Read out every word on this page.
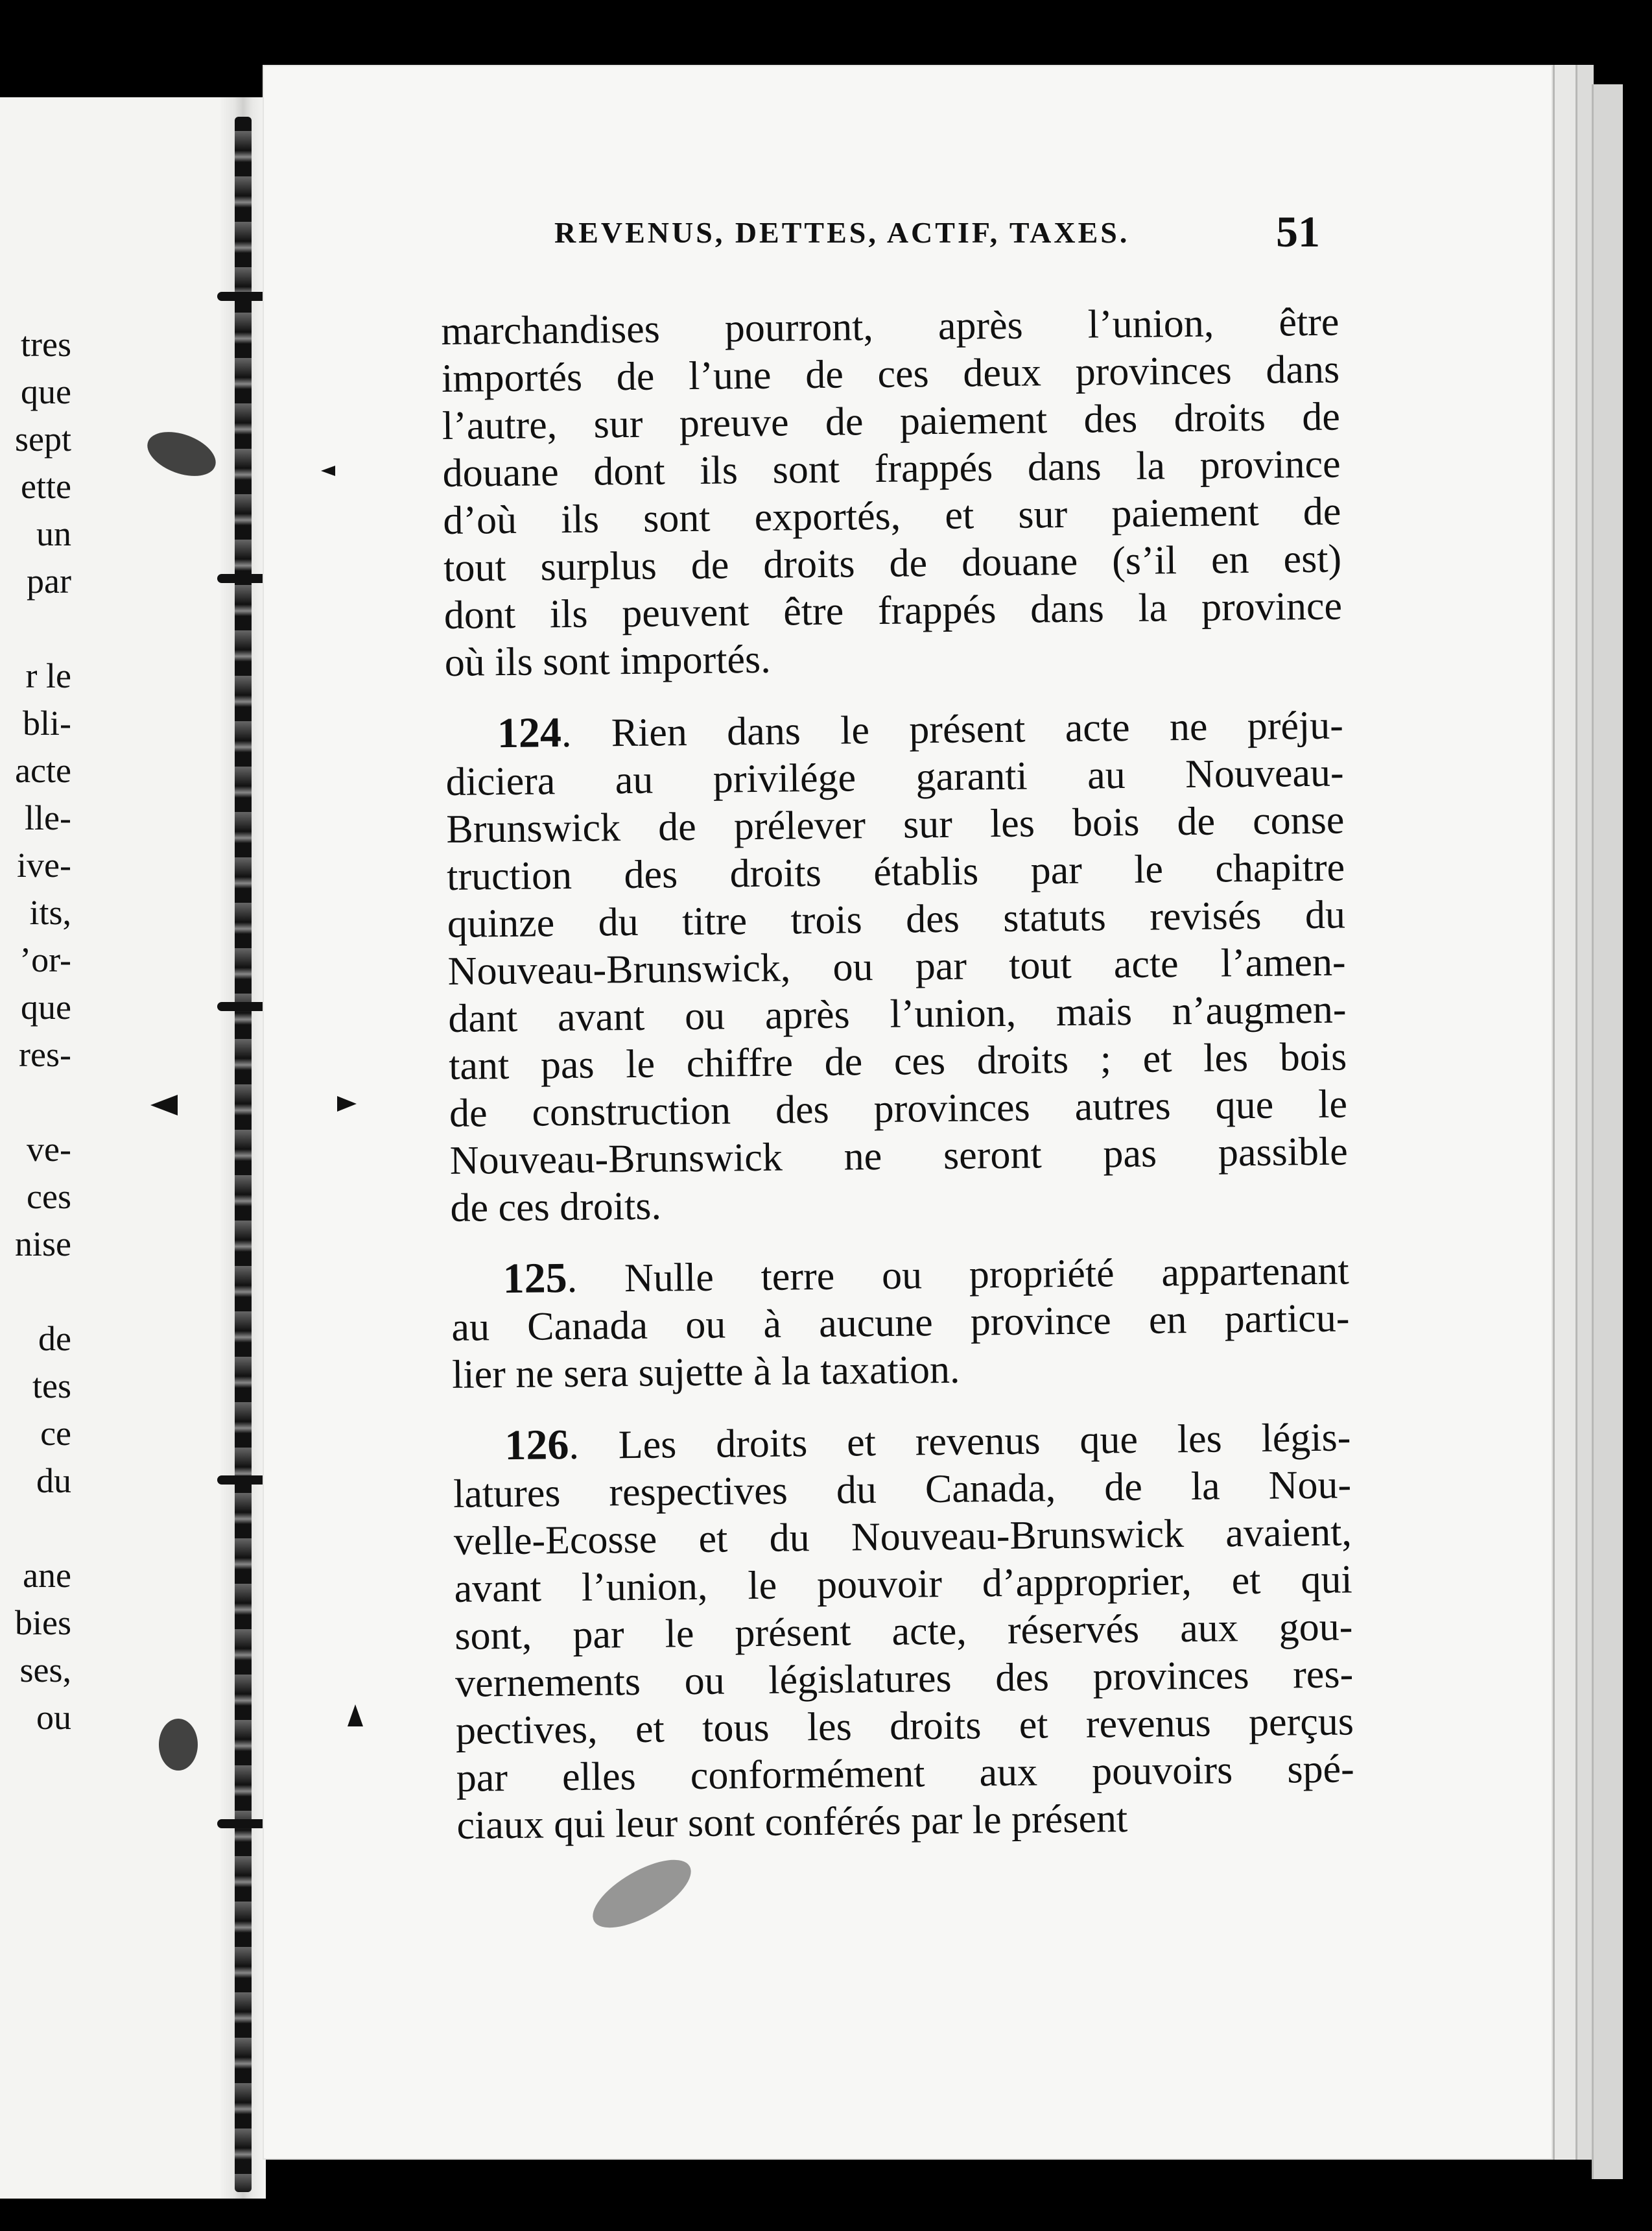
tres
que
sept
ette
un
par

r le
bli-
acte
lle-
ive-
its,
’or-
que
res-

ve-
ces
nise

de
tes
ce
du

ane
bies
ses,
ou
REVENUS, DETTES, ACTIF, TAXES.	51
marchandises pourront, après l’union, être
importés de l’une de ces deux provinces dans
l’autre, sur preuve de paiement des droits de
douane dont ils sont frappés dans la province
d’où ils sont exportés, et sur paiement de
tout surplus de droits de douane (s’il en est)
dont ils peuvent être frappés dans la province
où ils sont importés.
124. Rien dans le présent acte ne préju-
diciera au privilége garanti au Nouveau-
Brunswick de prélever sur les bois de conse
truction des droits établis par le chapitre
quinze du titre trois des statuts revisés du
Nouveau-Brunswick, ou par tout acte l’amen-
dant avant ou après l’union, mais n’augmen-
tant pas le chiffre de ces droits ; et les bois
de construction des provinces autres que le
Nouveau-Brunswick ne seront pas passible
de ces droits.
125. Nulle terre ou propriété appartenant
au Canada ou à aucune province en particu-
lier ne sera sujette à la taxation.
126. Les droits et revenus que les légis-
latures respectives du Canada, de la Nou-
velle-Ecosse et du Nouveau-Brunswick avaient,
avant l’union, le pouvoir d’approprier, et qui
sont, par le présent acte, réservés aux gou-
vernements ou législatures des provinces res-
pectives, et tous les droits et revenus perçus
par elles conformément aux pouvoirs spé-
ciaux qui leur sont conférés par le présent
